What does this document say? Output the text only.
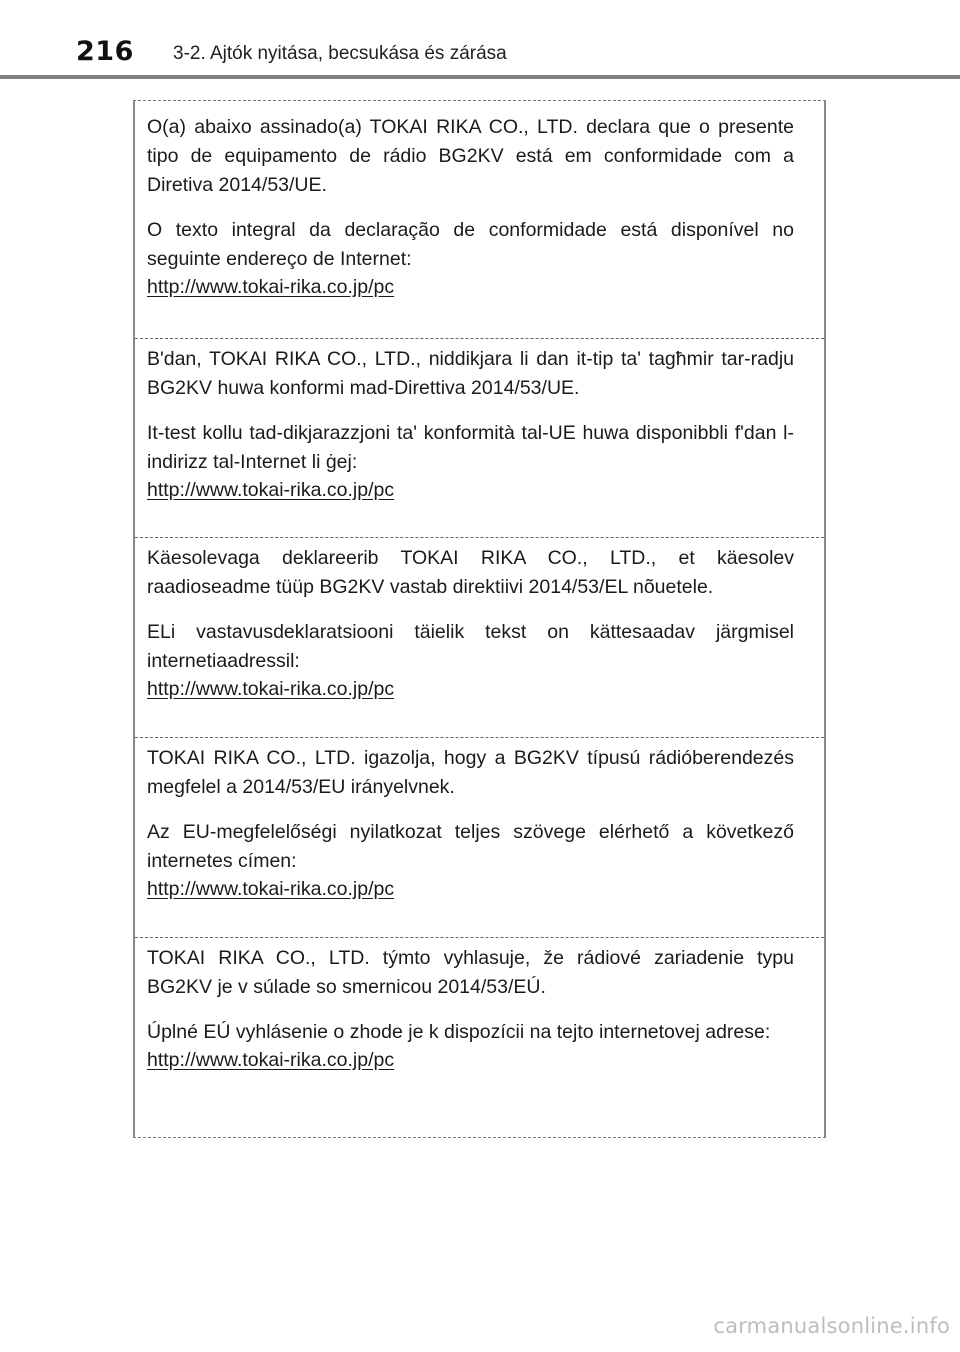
216 3-2. Ajtók nyitása, becsukása és zárása

O(a) abaixo assinado(a) TOKAI RIKA CO., LTD. declara que o presente tipo de equipamento de rádio BG2KV está em conformidade com a Diretiva 2014/53/UE.

O texto integral da declaração de conformidade está disponível no seguinte endereço de Internet:

http://www.tokai-rika.co.jp/pc

B'dan, TOKAI RIKA CO., LTD., niddikjara li dan it-tip ta' tagħmir tar-radju BG2KV huwa konformi mad-Direttiva 2014/53/UE.

It-test kollu tad-dikjarazzjoni ta' konformità tal-UE huwa disponibbli f'dan l-indirizz tal-Internet li ġej:

http://www.tokai-rika.co.jp/pc

Käesolevaga deklareerib TOKAI RIKA CO., LTD., et käesolev raadioseadme tüüp BG2KV vastab direktiivi 2014/53/EL nõuetele.

ELi vastavusdeklaratsiooni täielik tekst on kättesaadav järgmisel internetiaadressil:

http://www.tokai-rika.co.jp/pc

TOKAI RIKA CO., LTD. igazolja, hogy a BG2KV típusú rádióberendezés megfelel a 2014/53/EU irányelvnek.

Az EU-megfelelőségi nyilatkozat teljes szövege elérhető a következő internetes címen:

http://www.tokai-rika.co.jp/pc

TOKAI RIKA CO., LTD. týmto vyhlasuje, že rádiové zariadenie typu BG2KV je v súlade so smernicou 2014/53/EÚ.

Úplné EÚ vyhlásenie o zhode je k dispozícii na tejto internetovej adrese:

http://www.tokai-rika.co.jp/pc
carmanualsonline.info
